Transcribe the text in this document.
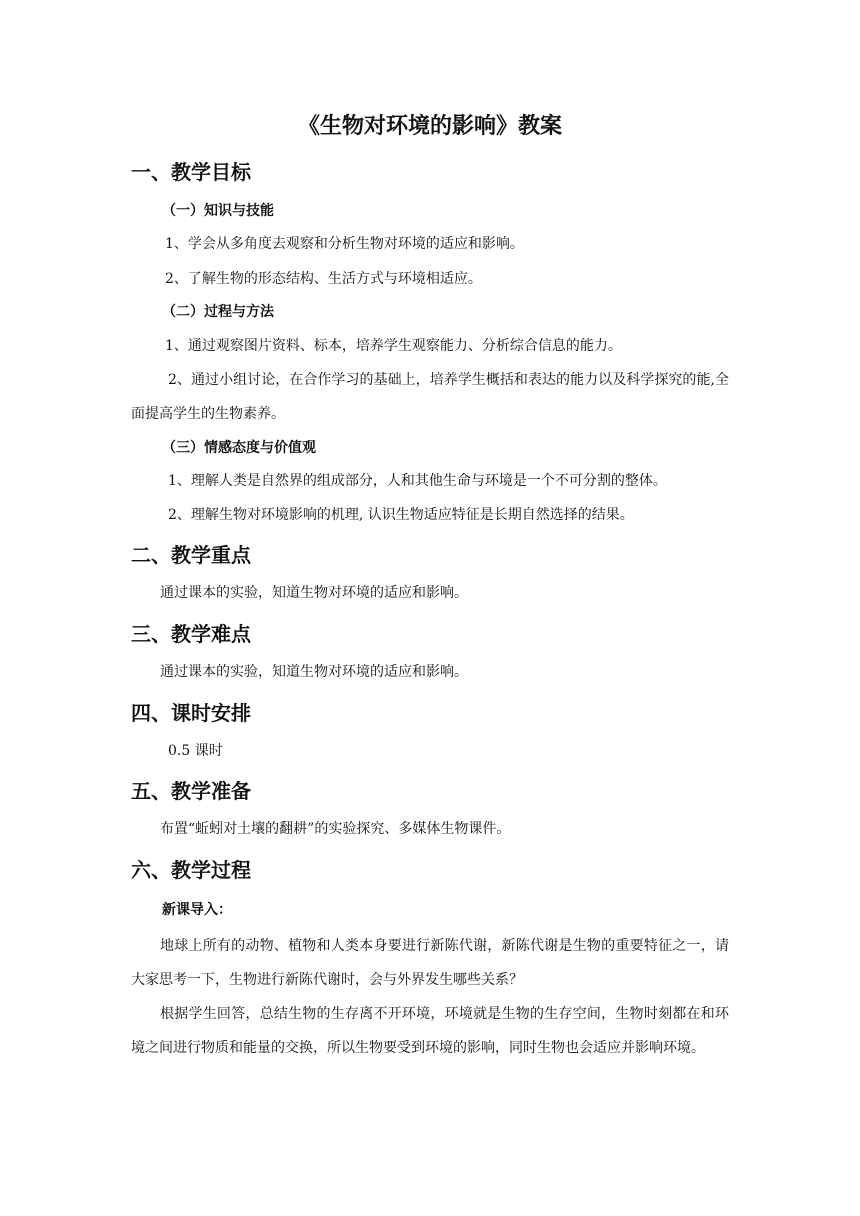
《生物对环境的影响》教案
一、教学目标
（一）知识与技能
1、学会从多角度去观察和分析生物对环境的适应和影响。
2、了解生物的形态结构、生活方式与环境相适应。
（二）过程与方法
1、通过观察图片资料、标本，培养学生观察能力、分析综合信息的能力。
2、通过小组讨论，在合作学习的基础上，培养学生概括和表达的能力以及科学探究的能,全面提高学生的生物素养。
（三）情感态度与价值观
1、理解人类是自然界的组成部分，人和其他生命与环境是一个不可分割的整体。
2、理解生物对环境影响的机理, 认识生物适应特征是长期自然选择的结果。
二、教学重点
通过课本的实验，知道生物对环境的适应和影响。
三、教学难点
通过课本的实验，知道生物对环境的适应和影响。
四、课时安排
0.5 课时
五、教学准备
布置“蚯蚓对土壤的翻耕”的实验探究、多媒体生物课件。
六、教学过程
新课导入：
地球上所有的动物、植物和人类本身要进行新陈代谢，新陈代谢是生物的重要特征之一，请大家思考一下，生物进行新陈代谢时，会与外界发生哪些关系？
根据学生回答，总结生物的生存离不开环境，环境就是生物的生存空间，生物时刻都在和环境之间进行物质和能量的交换，所以生物要受到环境的影响，同时生物也会适应并影响环境。
